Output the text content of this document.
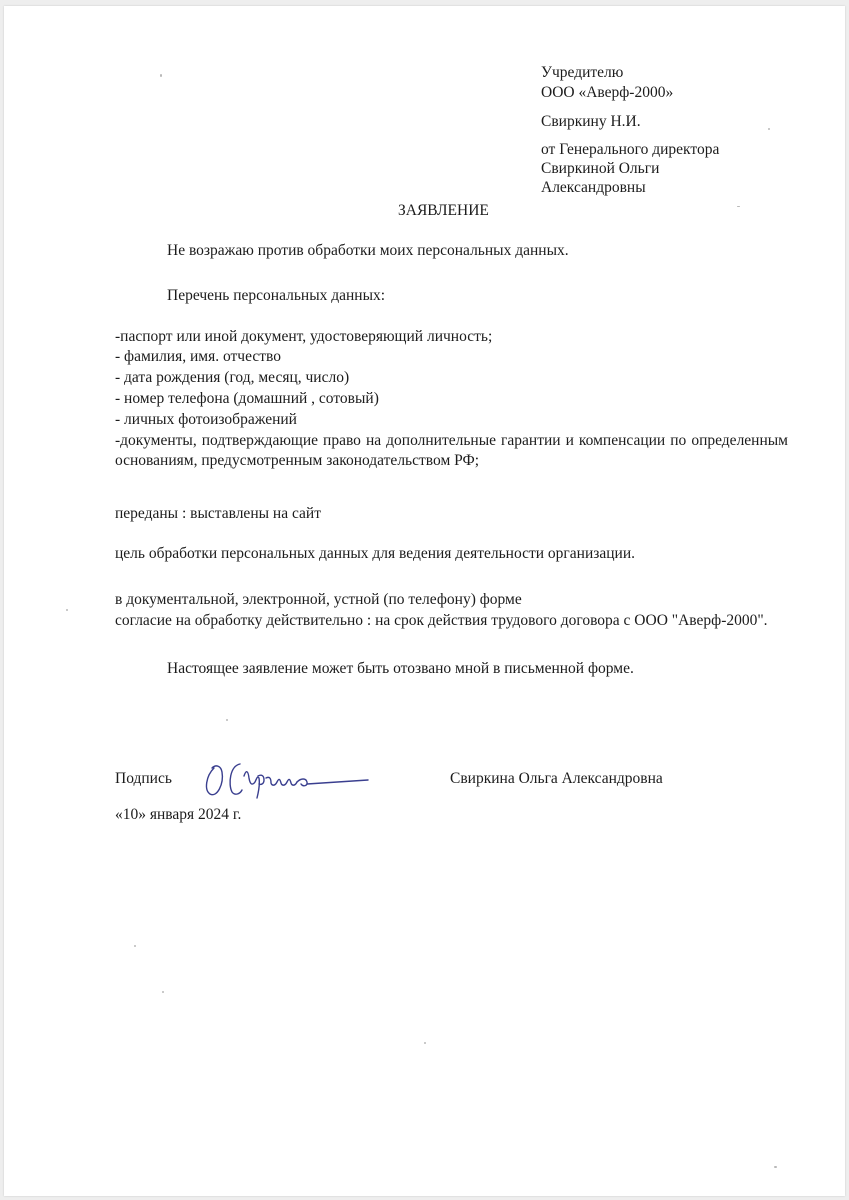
Учредителю
ООО «Аверф-2000»
Свиркину Н.И.
от Генерального директора
Свиркиной Ольги
Александровны
ЗАЯВЛЕНИЕ
Не возражаю против обработки моих персональных данных.
Перечень персональных данных:
-паспорт или иной документ, удостоверяющий личность;
- фамилия, имя. отчество
- дата рождения (год, месяц, число)
- номер телефона (домашний , сотовый)
- личных фотоизображений
-документы, подтверждающие право на дополнительные гарантии и компенсации по определенным основаниям, предусмотренным законодательством РФ;
переданы : выставлены на сайт
цель обработки персональных данных для ведения деятельности организации.
в документальной, электронной, устной (по телефону) форме
согласие на обработку действительно : на срок действия трудового договора с ООО "Аверф-2000".
Настоящее заявление может быть отозвано мной в письменной форме.
Подпись	Свиркина Ольга Александровна
«10» января 2024 г.
